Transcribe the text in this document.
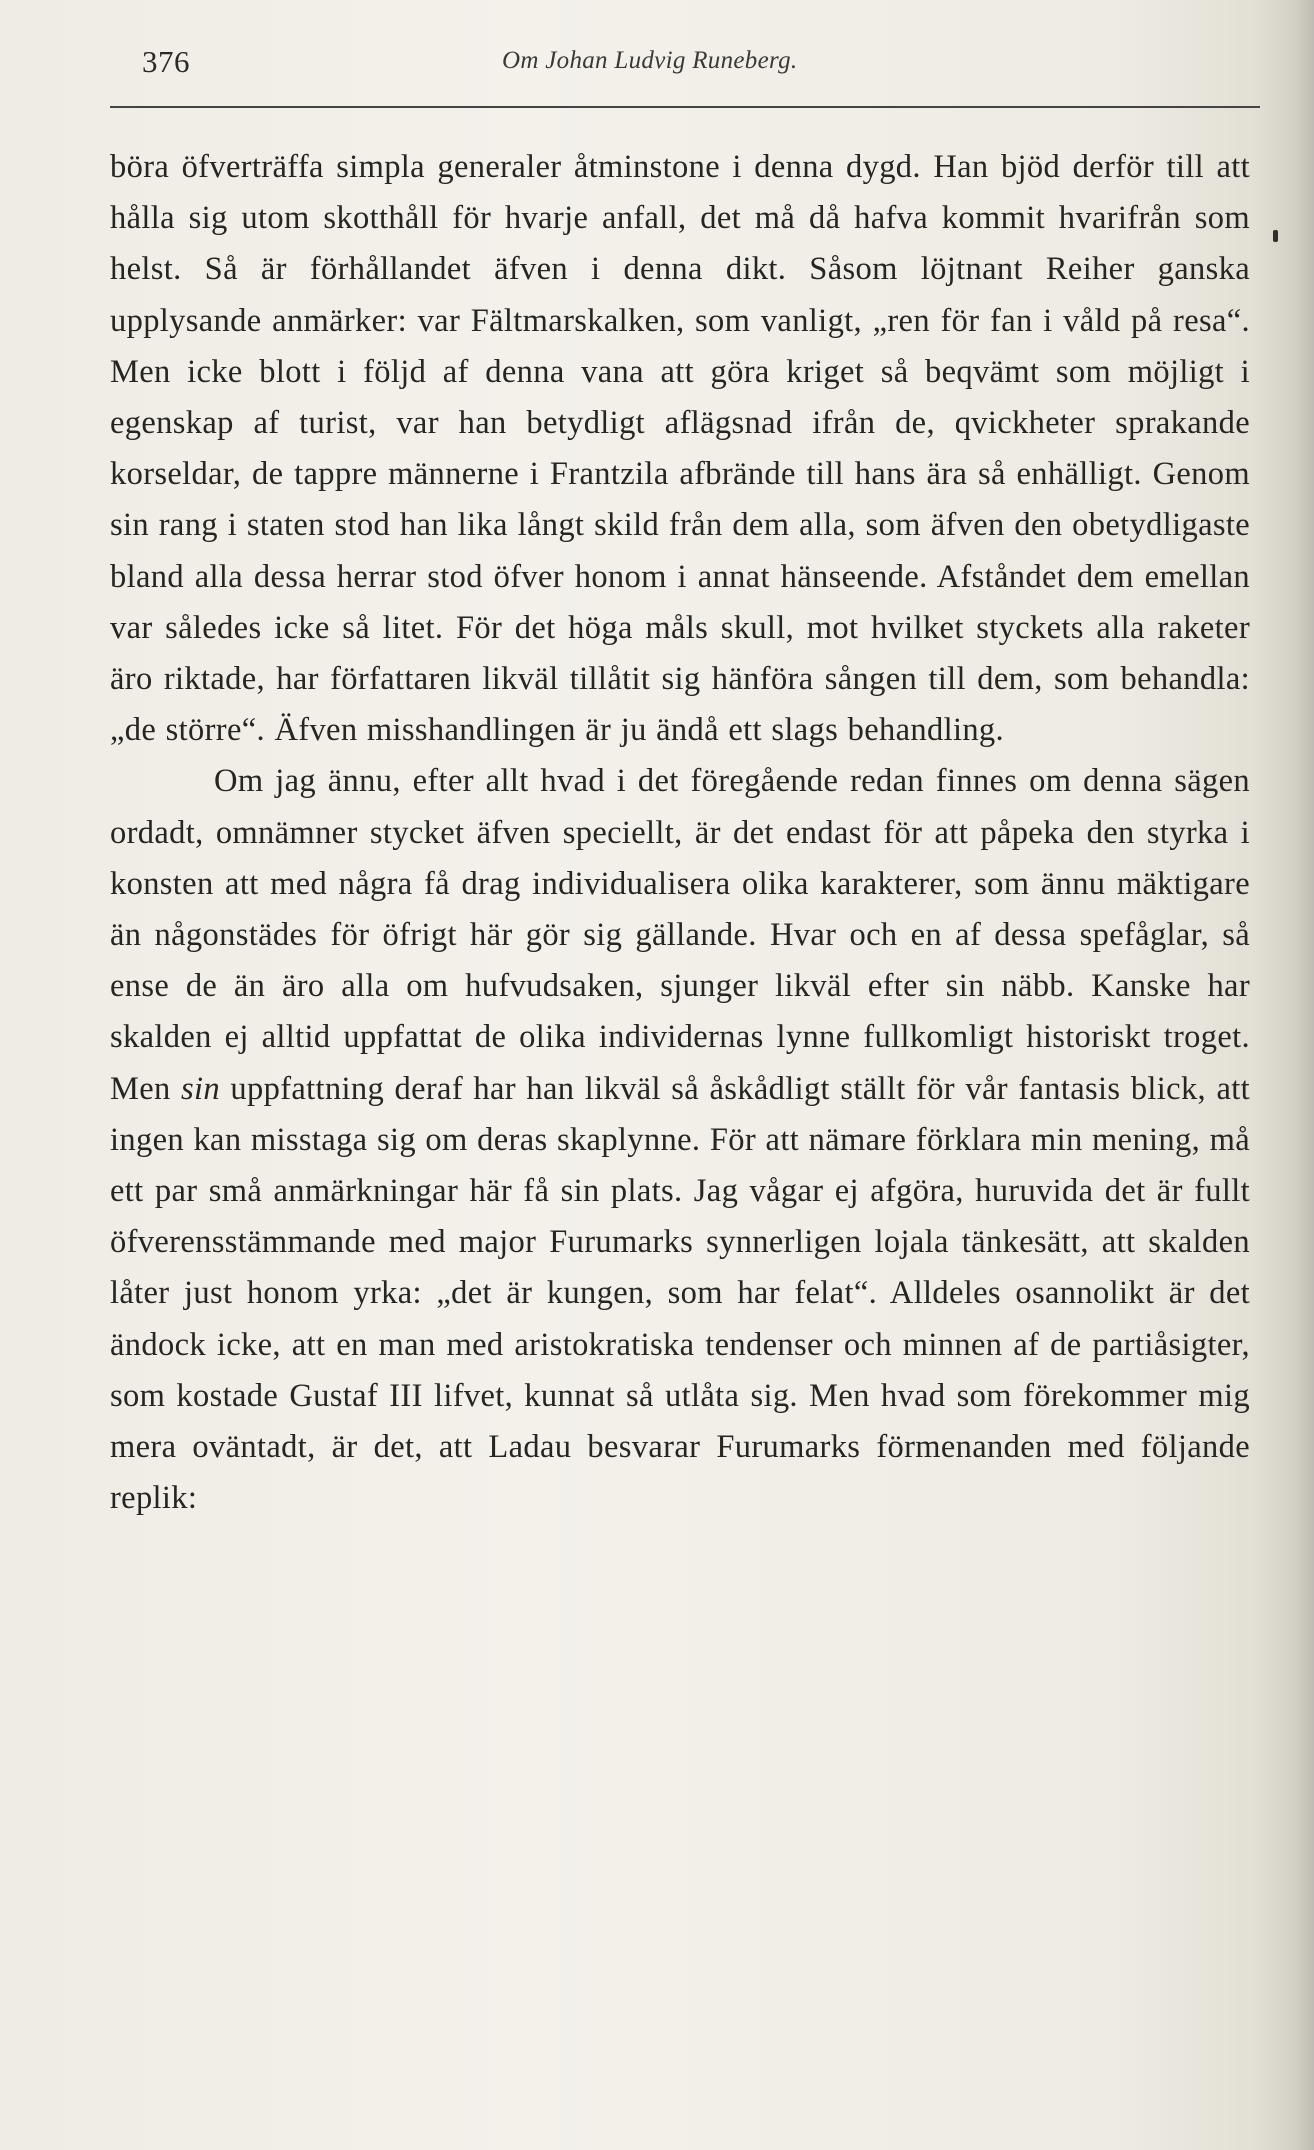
376	Om Johan Ludvig Runeberg.

böra öfverträffa simpla generaler åtminstone i denna dygd. Han bjöd derför till att hålla sig utom skotthåll för hvarje anfall, det må då hafva kommit hvarifrån som helst. Så är förhållandet äfven i denna dikt. Såsom löjtnant Reiher ganska upplysande anmärker: var Fältmarskalken, som vanligt, „ren för fan i våld på resa“. Men icke blott i följd af denna vana att göra kriget så beqvämt som möjligt i egenskap af turist, var han betydligt aflägsnad ifrån de, qvickheter sprakande korseldar, de tappre männerne i Frantzila afbrände till hans ära så enhälligt. Genom sin rang i staten stod han lika långt skild från dem alla, som äfven den obetydligaste bland alla dessa herrar stod öfver honom i annat hänseende. Afståndet dem emellan var således icke så litet. För det höga måls skull, mot hvilket styckets alla raketer äro riktade, har författaren likväl tillåtit sig hänföra sången till dem, som behandla: „de större“. Äfven misshandlingen är ju ändå ett slags behandling.

Om jag ännu, efter allt hvad i det föregående redan finnes om denna sägen ordadt, omnämner stycket äfven speciellt, är det endast för att påpeka den styrka i konsten att med några få drag individualisera olika karakterer, som ännu mäktigare än någonstädes för öfrigt här gör sig gällande. Hvar och en af dessa spefåglar, så ense de än äro alla om hufvudsaken, sjunger likväl efter sin näbb. Kanske har skalden ej alltid uppfattat de olika individernas lynne fullkomligt historiskt troget. Men sin uppfattning deraf har han likväl så åskådligt ställt för vår fantasis blick, att ingen kan misstaga sig om deras skaplynne. För att nämare förklara min mening, må ett par små anmärkningar här få sin plats. Jag vågar ej afgöra, huruvida det är fullt öfverensstämmande med major Furumarks synnerligen lojala tänkesätt, att skalden låter just honom yrka: „det är kungen, som har felat“. Alldeles osannolikt är det ändock icke, att en man med aristokratiska tendenser och minnen af de partiåsigter, som kostade Gustaf III lifvet, kunnat så utlåta sig. Men hvad som förekommer mig mera oväntadt, är det, att Ladau besvarar Furumarks förmenanden med följande replik:
